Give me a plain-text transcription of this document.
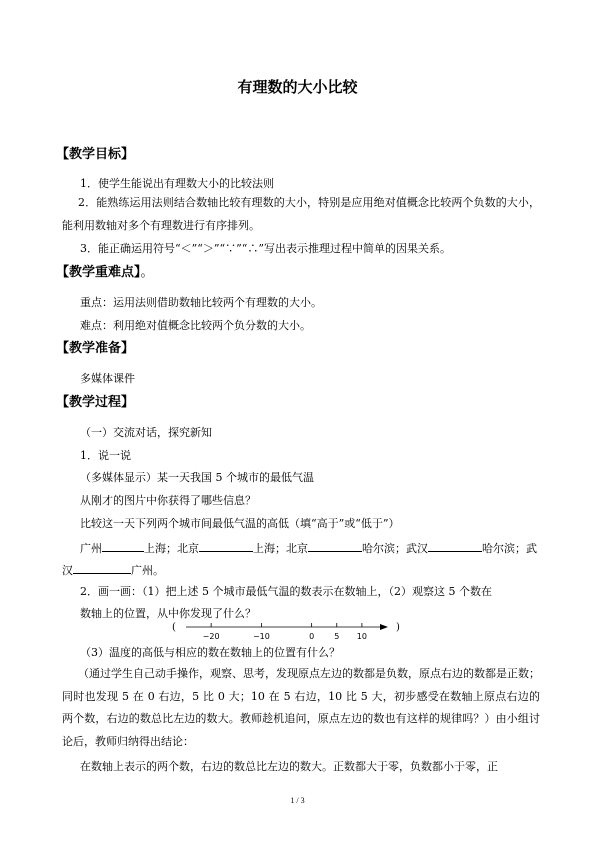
有理数的大小比较
【教学目标】
1．使学生能说出有理数大小的比较法则
2．能熟练运用法则结合数轴比较有理数的大小，特别是应用绝对值概念比较两个负数的大小，能利用数轴对多个有理数进行有序排列。
3．能正确运用符号“＜”“＞”“∵”“∴”写出表示推理过程中简单的因果关系。
【教学重难点】。
重点：运用法则借助数轴比较两个有理数的大小。
难点：利用绝对值概念比较两个负分数的大小。
【教学准备】
多媒体课件
【教学过程】
（一）交流对话，探究新知
1．说一说
（多媒体显示）某一天我国 5 个城市的最低气温
从刚才的图片中你获得了哪些信息？
比较这一天下列两个城市间最低气温的高低（填“高于”或“低于”）
广州	上海；北京	上海；北京	哈尔滨；武汉	哈尔滨；武
汉	广州。
2．画一画：（1）把上述 5 个城市最低气温的数表示在数轴上，（2）观察这 5 个数在
数轴上的位置，从中你发现了什么？
(	)
−20	−10	0	5 10
（3）温度的高低与相应的数在数轴上的位置有什么？
（通过学生自己动手操作，观察、思考，发现原点左边的数都是负数，原点右边的数都是正数；同时也发现 5 在 0 右边，5 比 0 大；10 在 5 右边，10 比 5 大，初步感受在数轴上原点右边的两个数，右边的数总比左边的数大。教师趁机追问，原点左边的数也有这样的规律吗？）由小组讨论后，教师归纳得出结论：
在数轴上表示的两个数，右边的数总比左边的数大。正数都大于零，负数都小于零，正
1 / 3
